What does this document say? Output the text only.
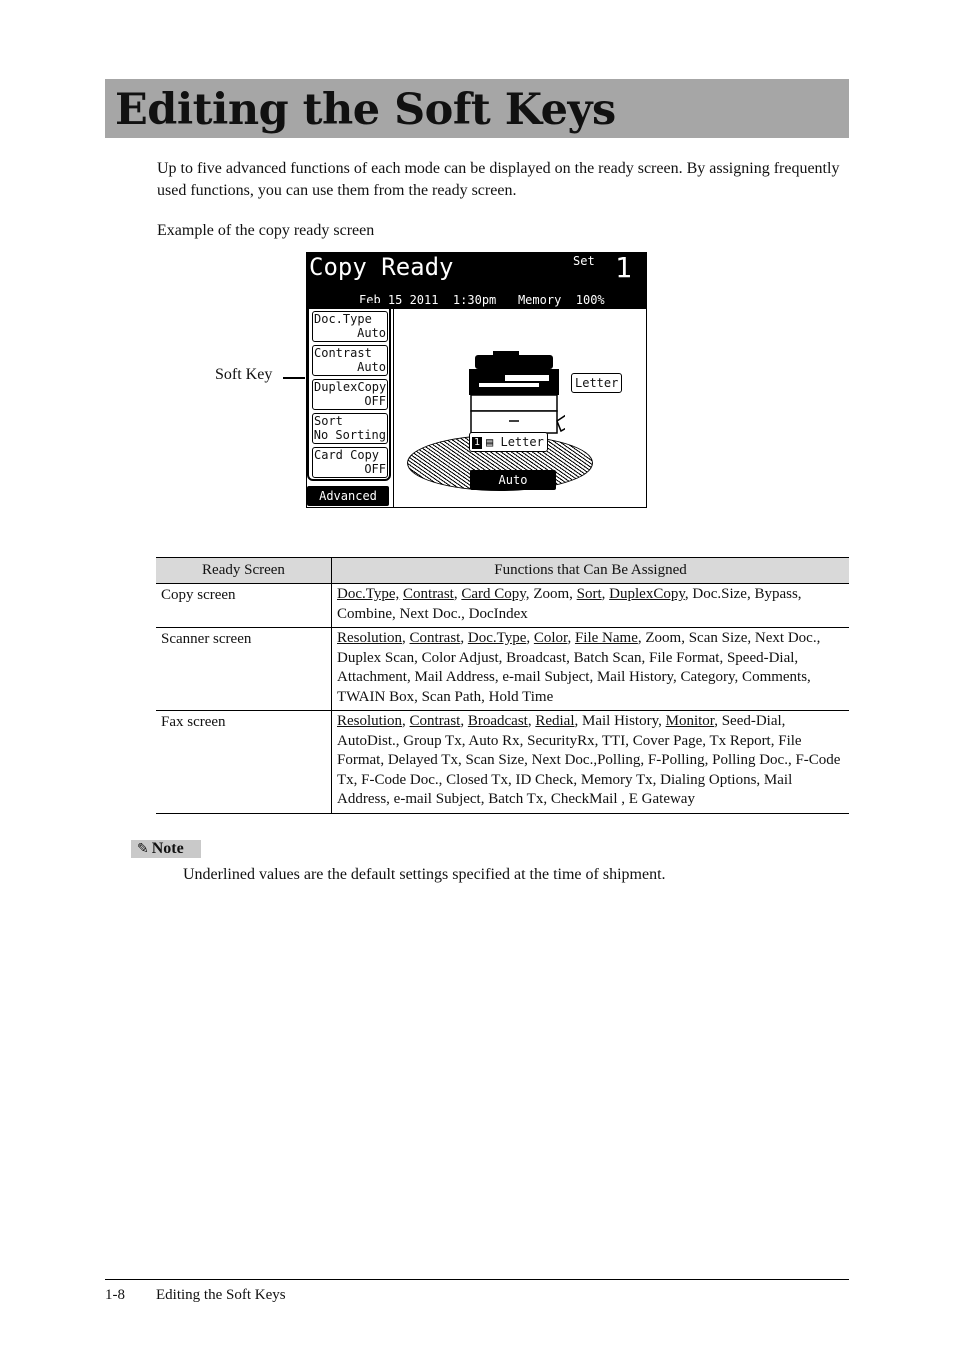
Editing the Soft Keys

Up to five advanced functions of each mode can be displayed on the ready screen. By assigning frequently used functions, you can use them from the ready screen.

Example of the copy ready screen

Copy Ready	Set 1
Feb 15 2011  1:30pm   Memory  100%
Doc.Type
Auto
Contrast
Auto
DuplexCopy
OFF
Sort
No Sorting
Card Copy
OFF
Advanced
Letter
1 ▤ Letter
Auto
Soft Key
Ready Screen	Functions that Can Be Assigned
Copy screen	Doc.Type, Contrast, Card Copy, Zoom, Sort, DuplexCopy, Doc.Size, Bypass, Combine, Next Doc., DocIndex
Scanner screen	Resolution, Contrast, Doc.Type, Color, File Name, Zoom, Scan Size, Next Doc., Duplex Scan, Color Adjust, Broadcast, Batch Scan, File Format, Speed-Dial, Attachment, Mail Address, e-mail Subject, Mail History, Category, Comments, TWAIN Box, Scan Path, Hold Time
Fax screen	Resolution, Contrast, Broadcast, Redial, Mail History, Monitor, Seed-Dial, AutoDist., Group Tx, Auto Rx, SecurityRx, TTI, Cover Page, Tx Report, File Format, Delayed Tx, Scan Size, Next Doc.,Polling, F-Polling, Polling Doc., F-Code Tx, F-Code Doc., Closed Tx, ID Check, Memory Tx, Dialing Options, Mail Address, e-mail Subject, Batch Tx, CheckMail , E Gateway
✎ Note

Underlined values are the default settings specified at the time of shipment.

1-8 Editing the Soft Keys
